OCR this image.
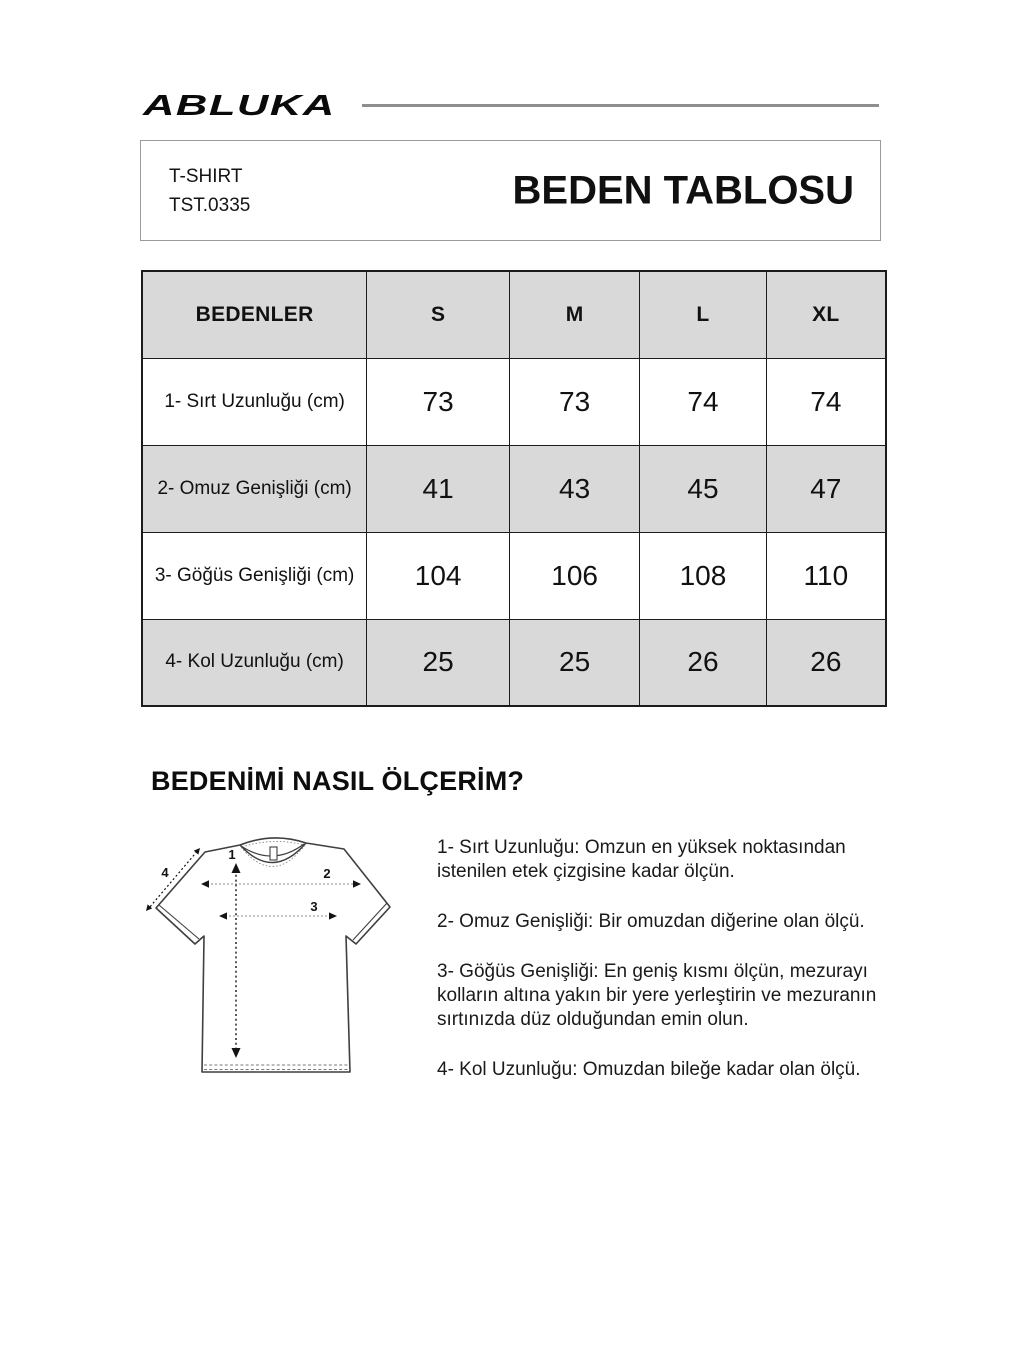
ABLUKA
T-SHIRT
TST.0335	BEDEN TABLOSU
BEDENLER	S	M	L	XL
1- Sırt Uzunluğu (cm)	73	73	74	74
2- Omuz Genişliği (cm)	41	43	45	47
3- Göğüs Genişliği (cm)	104	106	108	110
4- Kol Uzunluğu (cm)	25	25	26	26
BEDENİMİ NASIL ÖLÇERİM?
1
2
3
4
1- Sırt Uzunluğu: Omzun en yüksek noktasından
istenilen etek çizgisine kadar ölçün.
2- Omuz Genişliği: Bir omuzdan diğerine olan ölçü.
3- Göğüs Genişliği: En geniş kısmı ölçün, mezurayı
kolların altına yakın bir yere yerleştirin ve mezuranın
sırtınızda düz olduğundan emin olun.
4- Kol Uzunluğu: Omuzdan bileğe kadar olan ölçü.
